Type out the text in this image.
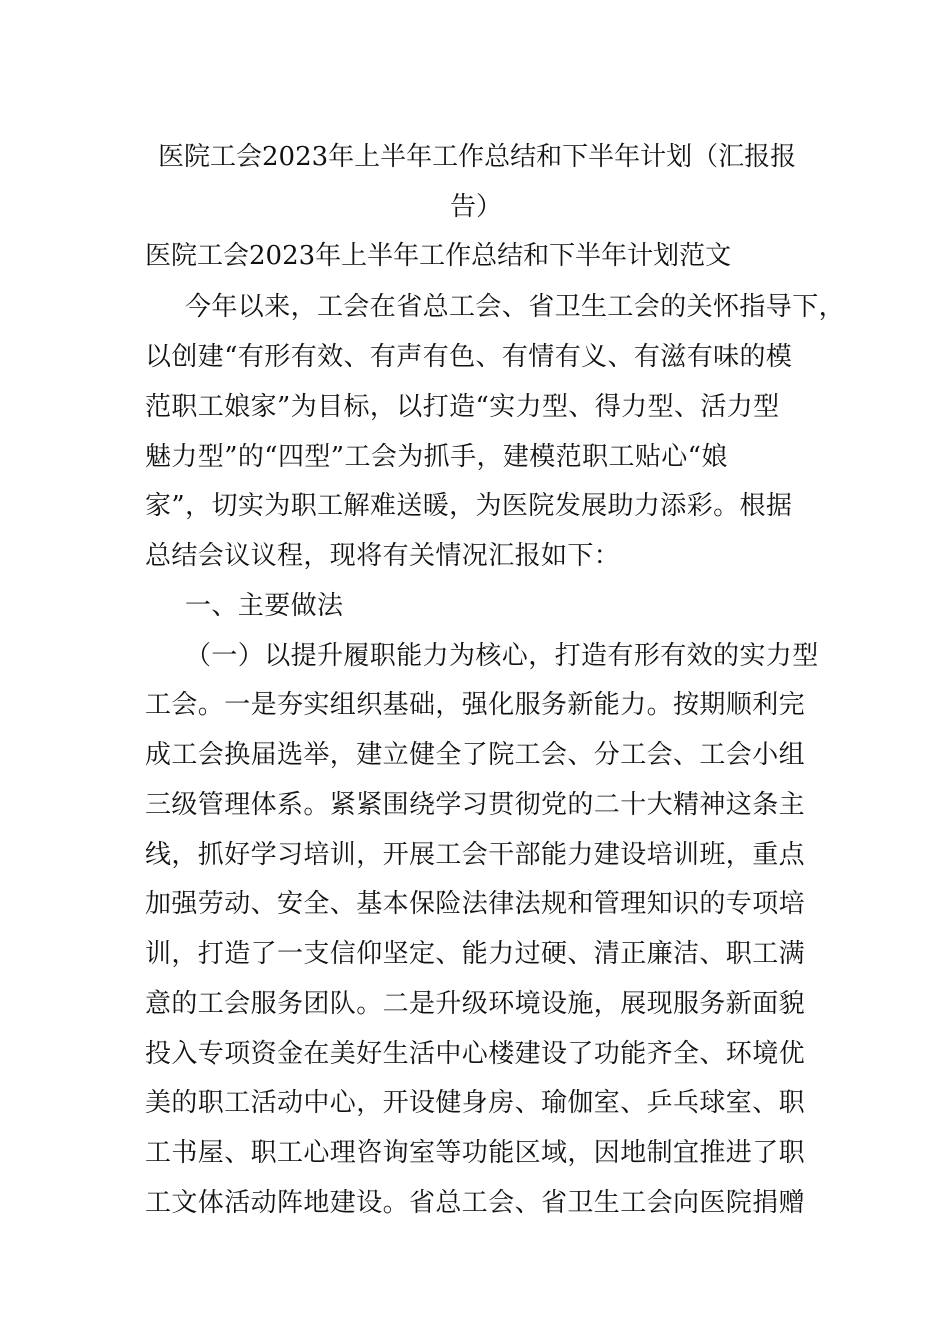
医院工会2023年上半年工作总结和下半年计划（汇报报
告）
医院工会2023年上半年工作总结和下半年计划范文
今年以来，工会在省总工会、省卫生工会的关怀指导下，
以创建“有形有效、有声有色、有情有义、有滋有味的模
范职工娘家”为目标，以打造“实力型、得力型、活力型
魅力型”的“四型”工会为抓手，建模范职工贴心“娘
家”，切实为职工解难送暖，为医院发展助力添彩。根据
总结会议议程，现将有关情况汇报如下：
一、主要做法
（一）以提升履职能力为核心，打造有形有效的实力型
工会。一是夯实组织基础，强化服务新能力。按期顺利完
成工会换届选举，建立健全了院工会、分工会、工会小组
三级管理体系。紧紧围绕学习贯彻党的二十大精神这条主
线，抓好学习培训，开展工会干部能力建设培训班，重点
加强劳动、安全、基本保险法律法规和管理知识的专项培
训，打造了一支信仰坚定、能力过硬、清正廉洁、职工满
意的工会服务团队。二是升级环境设施，展现服务新面貌
投入专项资金在美好生活中心楼建设了功能齐全、环境优
美的职工活动中心，开设健身房、瑜伽室、乒乓球室、职
工书屋、职工心理咨询室等功能区域，因地制宜推进了职
工文体活动阵地建设。省总工会、省卫生工会向医院捐赠
